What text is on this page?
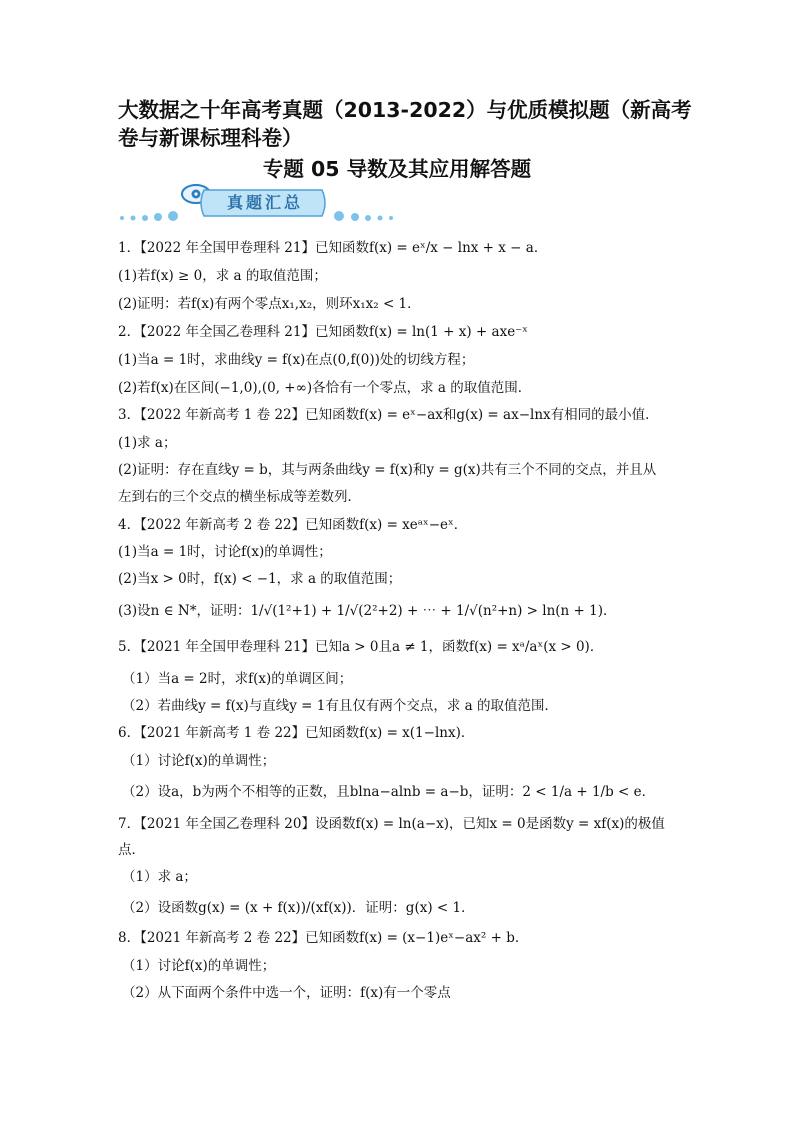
大数据之十年高考真题（2013-2022）与优质模拟题（新高考卷与新课标理科卷）
专题 05 导数及其应用解答题
真题汇总
1．【2022 年全国甲卷理科 21】已知函数f(x) = eˣ/x − lnx + x − a．
(1)若f(x) ≥ 0，求 a 的取值范围；
(2)证明：若f(x)有两个零点x₁,x₂，则环x₁x₂ < 1．
2．【2022 年全国乙卷理科 21】已知函数f(x) = ln(1 + x) + axe⁻ˣ
(1)当a = 1时，求曲线y = f(x)在点(0,f(0))处的切线方程；
(2)若f(x)在区间(−1,0),(0, +∞)各恰有一个零点，求 a 的取值范围．
3．【2022 年新高考 1 卷 22】已知函数f(x) = eˣ−ax和g(x) = ax−lnx有相同的最小值．
(1)求 a；
(2)证明：存在直线y = b，其与两条曲线y = f(x)和y = g(x)共有三个不同的交点，并且从
左到右的三个交点的横坐标成等差数列．
4．【2022 年新高考 2 卷 22】已知函数f(x) = xeᵃˣ−eˣ．
(1)当a = 1时，讨论f(x)的单调性；
(2)当x > 0时，f(x) < −1，求 a 的取值范围；
(3)设n ∈ N*，证明：1/√(1²+1) + 1/√(2²+2) + ⋯ + 1/√(n²+n) > ln(n + 1)．
5．【2021 年全国甲卷理科 21】已知a > 0且a ≠ 1，函数f(x) = xᵃ/aˣ(x > 0)．
（1）当a = 2时，求f(x)的单调区间；
（2）若曲线y = f(x)与直线y = 1有且仅有两个交点，求 a 的取值范围．
6．【2021 年新高考 1 卷 22】已知函数f(x) = x(1−lnx)．
（1）讨论f(x)的单调性；
（2）设a，b为两个不相等的正数，且blna−alnb = a−b，证明：2 < 1/a + 1/b < e．
7．【2021 年全国乙卷理科 20】设函数f(x) = ln(a−x)，已知x = 0是函数y = xf(x)的极值
点．
（1）求 a；
（2）设函数g(x) = (x + f(x))/(xf(x))．证明：g(x) < 1．
8．【2021 年新高考 2 卷 22】已知函数f(x) = (x−1)eˣ−ax² + b．
（1）讨论f(x)的单调性；
（2）从下面两个条件中选一个，证明：f(x)有一个零点
